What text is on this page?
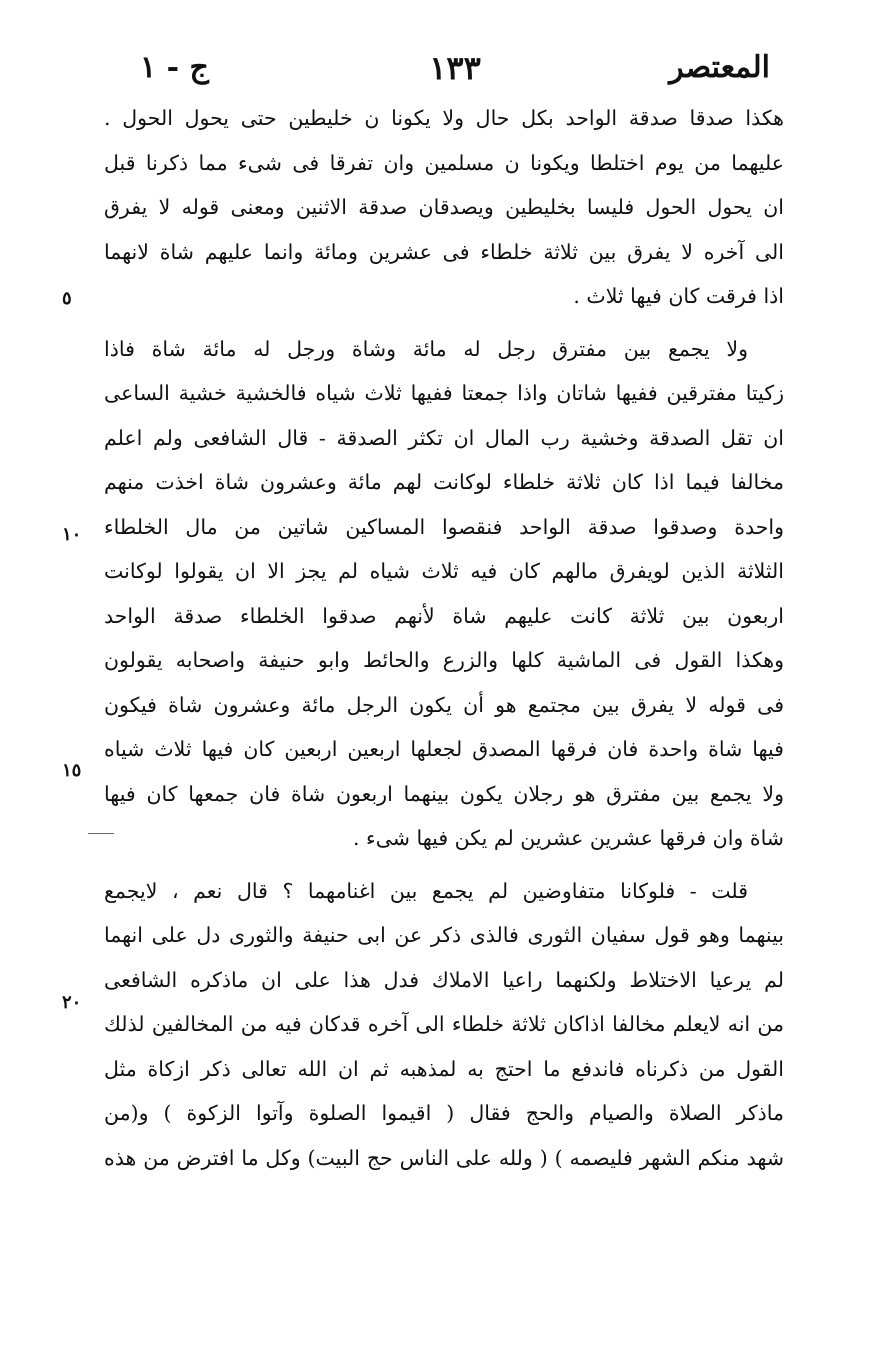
المعتصر
١٣٣
ج - ١
٥
١٠
١٥
٢٠
هكذا صدقا صدقة الواحد بكل حال ولا يكونا ن خليطين حتى يحول الحول .
عليهما من يوم اختلطا ويكونا ن مسلمين وان تفرقا فى شىء مما ذكرنا قبل
ان يحول الحول فليسا بخليطين ويصدقان صدقة الاثنين ومعنى قوله لا يفرق
الى آخره لا يفرق بين ثلاثة خلطاء فى عشرين ومائة وانما عليهم شاة لانهما
اذا فرقت كان فيها ثلاث .
ولا يجمع بين مفترق رجل له مائة وشاة ورجل له مائة شاة فاذا
زكيتا مفترقين ففيها شاتان واذا جمعتا ففيها ثلاث شياه فالخشية خشية الساعى
ان تقل الصدقة وخشية رب المال ان تكثر الصدقة - قال الشافعى ولم اعلم
مخالفا فيما اذا كان ثلاثة خلطاء لوكانت لهم مائة وعشرون شاة اخذت منهم
واحدة وصدقوا صدقة الواحد فنقصوا المساكين شاتين من مال الخلطاء
الثلاثة الذين لويفرق مالهم كان فيه ثلاث شياه لم يجز الا ان يقولوا لوكانت
اربعون بين ثلاثة كانت عليهم شاة لأنهم صدقوا الخلطاء صدقة الواحد
وهكذا القول فى الماشية كلها والزرع والحائط وابو حنيفة واصحابه يقولون
فى قوله لا يفرق بين مجتمع هو أن يكون الرجل مائة وعشرون شاة فيكون
فيها شاة واحدة فان فرقها المصدق لجعلها اربعين اربعين كان فيها ثلاث شياه
ولا يجمع بين مفترق هو رجلان يكون بينهما اربعون شاة فان جمعها كان فيها
شاة وان فرقها عشرين عشرين لم يكن فيها شىء .
قلت - فلوكانا متفاوضين لم يجمع بين اغنامهما ؟ قال نعم ، لايجمع
بينهما وهو قول سفيان الثورى فالذى ذكر عن ابى حنيفة والثورى دل على انهما
لم يرعيا الاختلاط ولكنهما راعيا الاملاك فدل هذا على ان ماذكره الشافعى
من انه لايعلم مخالفا اذاكان ثلاثة خلطاء الى آخره قدكان فيه من المخالفين لذلك
القول من ذكرناه فاندفع ما احتج به لمذهبه ثم ان الله تعالى ذكر ازكاة مثل
ماذكر الصلاة والصيام والحج فقال ( اقيموا الصلوة وآتوا الزكوة ) و(من
شهد منكم الشهر فليصمه ) ( ولله على الناس حج البيت) وكل ما افترض من هذه
